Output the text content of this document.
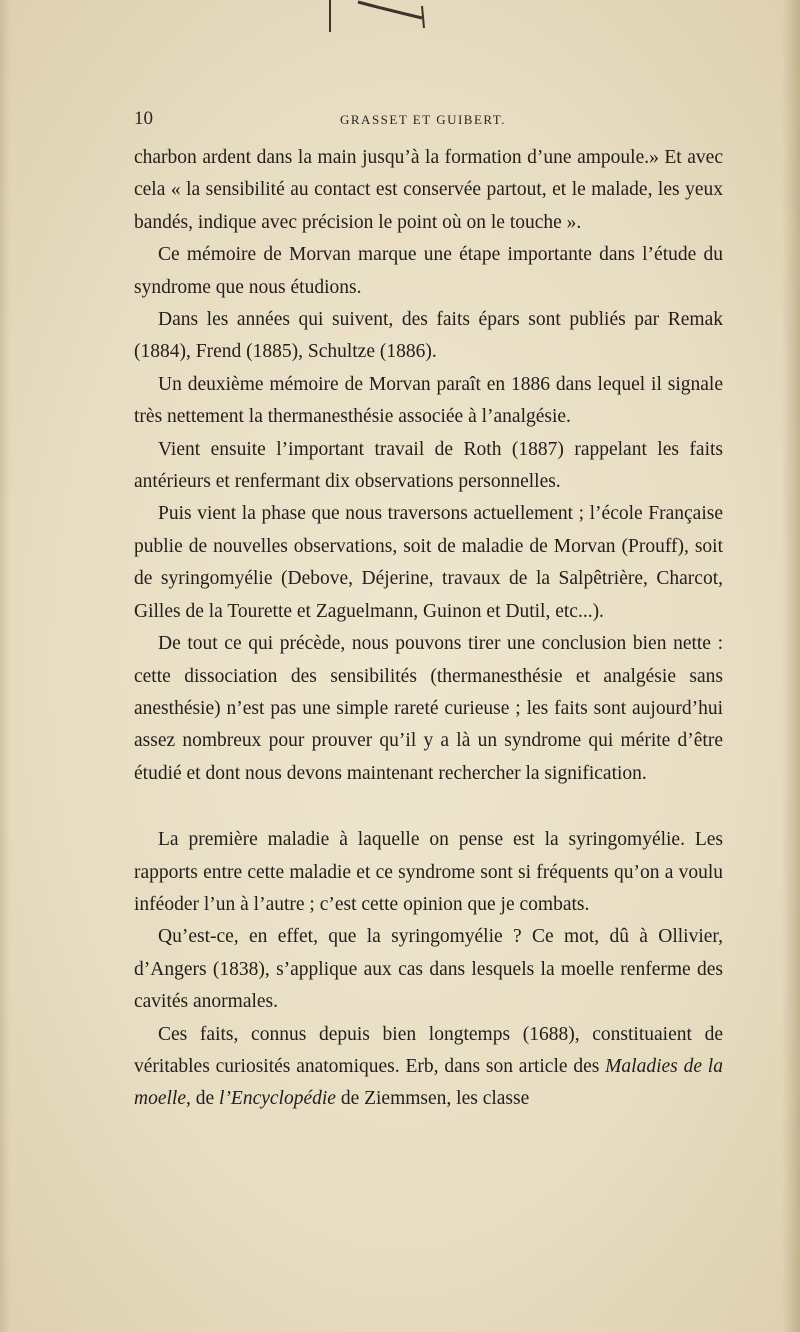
10	GRASSET ET GUIBERT.

charbon ardent dans la main jusqu’à la formation d’une ampoule.» Et avec cela « la sensibilité au contact est conservée partout, et le malade, les yeux bandés, indique avec précision le point où on le touche ».

Ce mémoire de Morvan marque une étape importante dans l’étude du syndrome que nous étudions.

Dans les années qui suivent, des faits épars sont publiés par Remak (1884), Frend (1885), Schultze (1886).

Un deuxième mémoire de Morvan paraît en 1886 dans lequel il signale très nettement la thermanesthésie associée à l’analgésie.

Vient ensuite l’important travail de Roth (1887) rappelant les faits antérieurs et renfermant dix observations personnelles.

Puis vient la phase que nous traversons actuellement ; l’école Française publie de nouvelles observations, soit de maladie de Morvan (Prouff), soit de syringomyélie (Debove, Déjerine, travaux de la Salpêtrière, Charcot, Gilles de la Tourette et Zaguelmann, Guinon et Dutil, etc...).

De tout ce qui précède, nous pouvons tirer une conclusion bien nette : cette dissociation des sensibilités (thermanesthésie et analgésie sans anesthésie) n’est pas une simple rareté curieuse ; les faits sont aujourd’hui assez nombreux pour prouver qu’il y a là un syndrome qui mérite d’être étudié et dont nous devons maintenant rechercher la signification.

La première maladie à laquelle on pense est la syringomyélie. Les rapports entre cette maladie et ce syndrome sont si fréquents qu’on a voulu inféoder l’un à l’autre ; c’est cette opinion que je combats.

Qu’est-ce, en effet, que la syringomyélie ? Ce mot, dû à Ollivier, d’Angers (1838), s’applique aux cas dans lesquels la moelle renferme des cavités anormales.

Ces faits, connus depuis bien longtemps (1688), constituaient de véritables curiosités anatomiques. Erb, dans son article des Maladies de la moelle, de l’Encyclopédie de Ziemmsen, les classe
